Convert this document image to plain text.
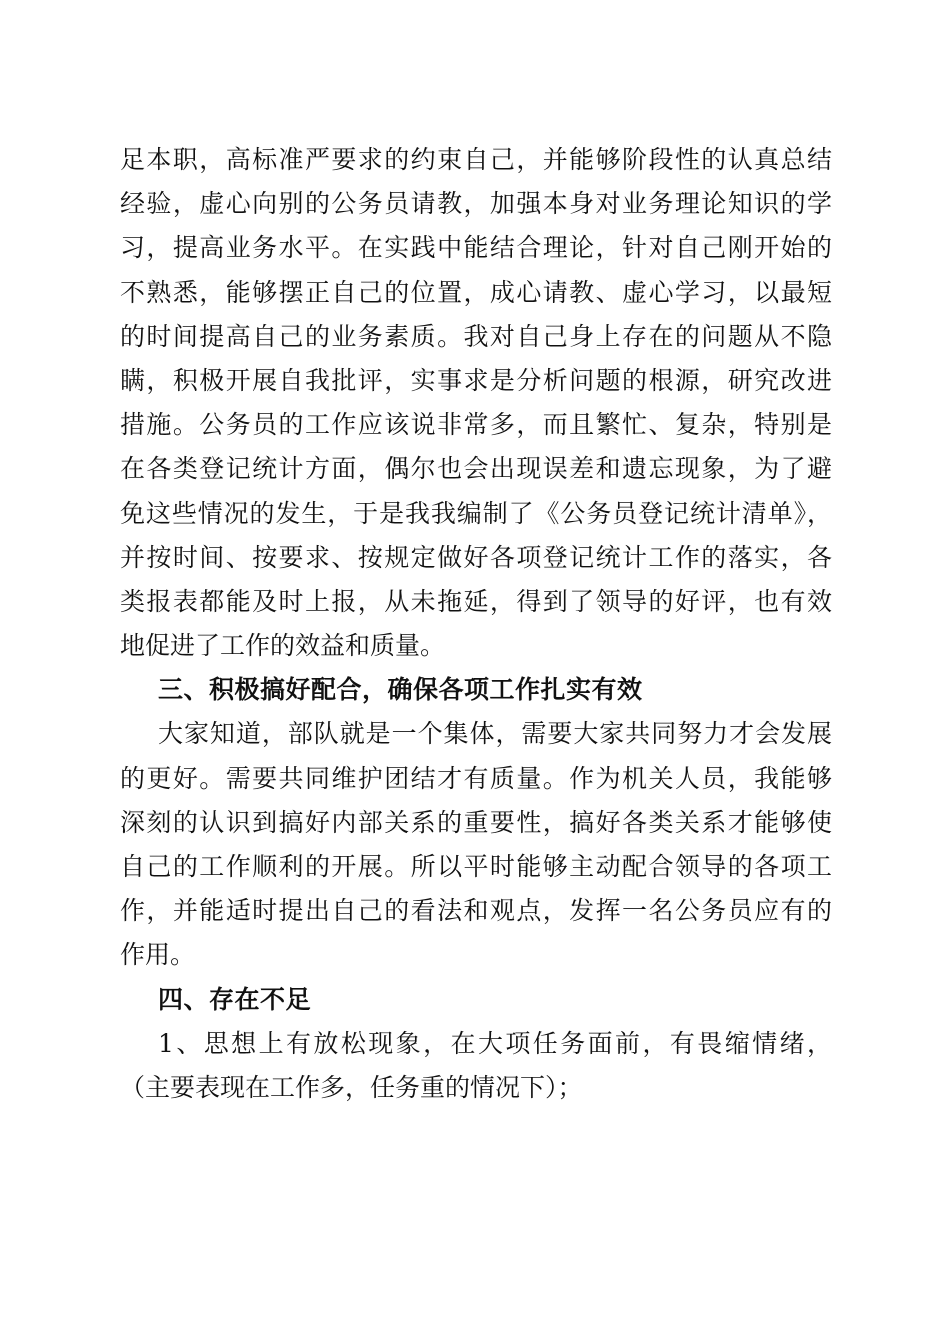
足本职，高标准严要求的约束自己，并能够阶段性的认真总结
经验，虚心向别的公务员请教，加强本身对业务理论知识的学
习，提高业务水平。在实践中能结合理论，针对自己刚开始的
不熟悉，能够摆正自己的位置，成心请教、虚心学习，以最短
的时间提高自己的业务素质。我对自己身上存在的问题从不隐
瞒，积极开展自我批评，实事求是分析问题的根源，研究改进
措施。公务员的工作应该说非常多，而且繁忙、复杂，特别是
在各类登记统计方面，偶尔也会出现误差和遗忘现象，为了避
免这些情况的发生，于是我我编制了《公务员登记统计清单》，
并按时间、按要求、按规定做好各项登记统计工作的落实，各
类报表都能及时上报，从未拖延，得到了领导的好评，也有效
地促进了工作的效益和质量。
三、积极搞好配合，确保各项工作扎实有效
大家知道，部队就是一个集体，需要大家共同努力才会发展
的更好。需要共同维护团结才有质量。作为机关人员，我能够
深刻的认识到搞好内部关系的重要性，搞好各类关系才能够使
自己的工作顺利的开展。所以平时能够主动配合领导的各项工
作，并能适时提出自己的看法和观点，发挥一名公务员应有的
作用。
四、存在不足
1、思想上有放松现象，在大项任务面前，有畏缩情绪，
（主要表现在工作多，任务重的情况下）；
